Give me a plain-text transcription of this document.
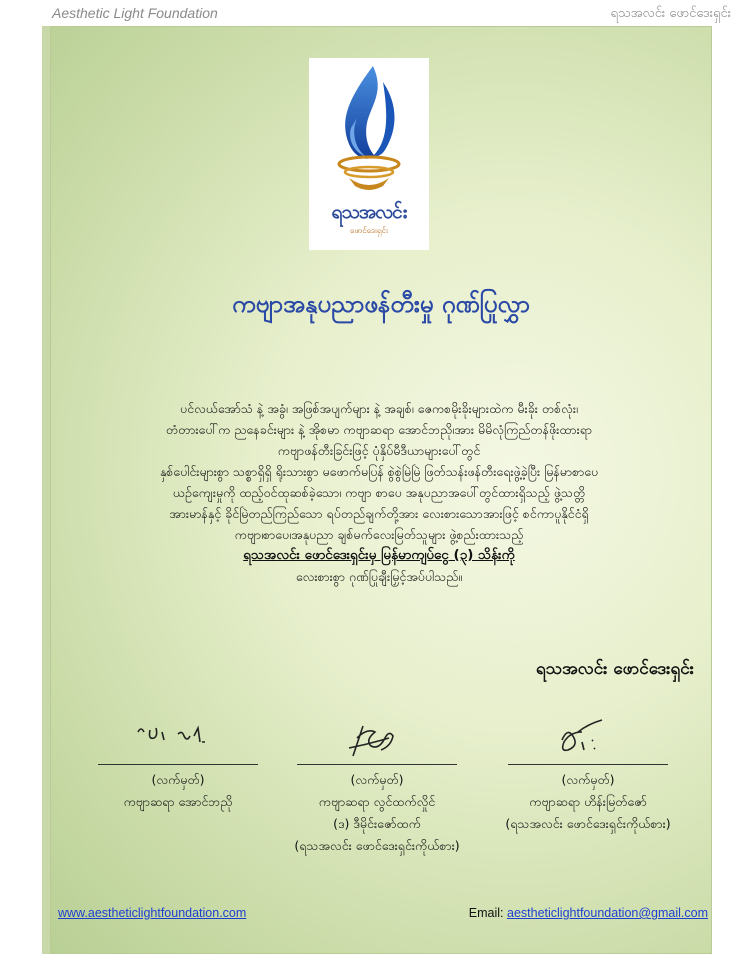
Aesthetic Light Foundation	ရသအလင်း ဖောင်ဒေးရှင်း
ရသအလင်း
ဖောင်ဒေးရှင်း
ကဗျာအနုပညာဖန်တီးမှု ဂုဏ်ပြုလွှာ

ပင်လယ်အော်သံ နဲ့ အခွံ၊ အဖြစ်အပျက်များ နဲ့ အချစ်၊ ဇေကစမိုးခိုးများထဲက မီးခိုး တစ်လုံး၊

တံတားပေါ်က ညနေခင်းများ နဲ့ အိုစမာ ကဗျာဆရာ အောင်ဘညို၊အား မိမိလုံကြည်တန်ဖိုးထားရာ

ကဗျာဖန်တီးခြင်းဖြင့် ပုံနှိပ်မီဒီယာများပေါ်တွင်

နှစ်ပေါင်းများစွာ သစ္စာရှိရှိ ရိုးသားစွာ မဖောက်မပြန် စွဲစွဲမြဲမြဲ ဖြတ်သန်းဖန်တီးရေးဖွဲ့ခဲ့ပြီး မြန်မာစာပေ

ယဉ်ကျေးမှုကို ထည့်ဝင်ထုဆစ်ခဲ့သော၊ ကဗျာ စာပေ အနုပညာအပေါ်တွင်ထားရှိသည့် ဖွဲ့သတ္တိ

အားမာန်နှင့် ခိုင်မြဲတည်ကြည်သော ရပ်တည်ချက်တို့အား လေးစားသောအားဖြင့် စင်ကာပူနိုင်ငံရှိ

ကဗျာ၊စာပေ၊အနုပညာ ချစ်မက်လေးမြတ်သူများ ဖွဲ့စည်းထားသည့်

ရသအလင်း ဖောင်ဒေးရှင်းမှ မြန်မာကျပ်ငွေ (၃) သိန်းကို

လေးစားစွာ ဂုဏ်ပြုချီးမြှင့်အပ်ပါသည်။

ရသအလင်း ဖောင်ဒေးရှင်း

(လက်မှတ်)

ကဗျာဆရာ အောင်ဘညို

(လက်မှတ်)

ကဗျာဆရာ လွင်ထက်လှိုင်

(ဒ) ဒီမိုင်းဇော်ထက်

(ရသအလင်း ဖောင်ဒေးရှင်းကိုယ်စား)

(လက်မှတ်)

ကဗျာဆရာ ဟိန်းမြတ်ဇော်

(ရသအလင်း ဖောင်ဒေးရှင်းကိုယ်စား)

www.aestheticlightfoundation.com	Email: aestheticlightfoundation@gmail.com
